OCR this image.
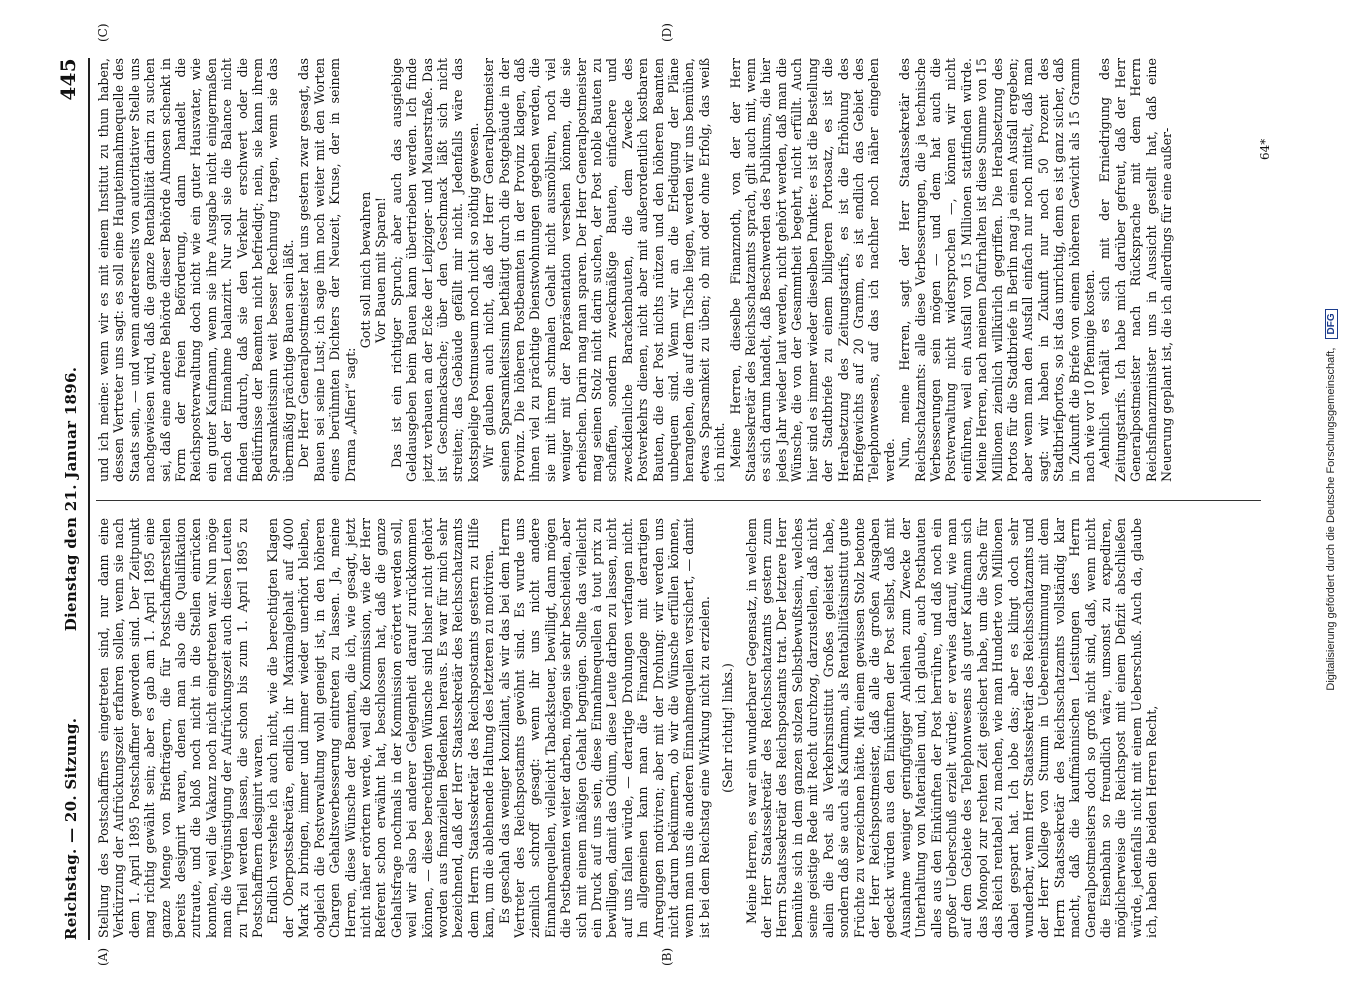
Reichstag. — 20. Sitzung.
Dienstag den 21. Januar 1896.
445
(A)	(B)
(C)	(D)

Stellung des Postschaffners eingetreten sind, nur dann eine Verkürzung der Aufrückungszeit erfahren sollen, wenn sie nach dem 1. April 1895 Postschaffner geworden sind. Der Zeitpunkt mag richtig gewählt sein; aber es gab am 1. April 1895 eine ganze Menge von Briefträgern, die für Postschaffnerstellen bereits designirt waren, denen man also die Qualifikation zutraute, und die bloß noch nicht in die Stellen einrücken konnten, weil die Vakanz noch nicht eingetreten war. Nun möge man die Vergünstigung der Aufrückungszeit auch diesen Leuten zu Theil werden lassen, die schon bis zum 1. April 1895 zu Postschaffnern designirt waren. Endlich verstehe ich auch nicht, wie die berechtigten Klagen der Oberpostsekretäre, endlich ihr Maximalgehalt auf 4000 Mark zu bringen, immer und immer wieder unerhört bleiben, obgleich die Postverwaltung wohl geneigt ist, in den höheren Chargen Gehaltsverbesserung eintreten zu lassen. Ja, meine Herren, diese Wünsche der Beamten, die ich, wie gesagt, jetzt nicht näher erörtern werde, weil die Kommission, wie der Herr Referent schon erwähnt hat, beschlossen hat, daß die ganze Gehaltsfrage nochmals in der Kommission erörtert werden soll, weil wir also bei anderer Gelegenheit darauf zurückkommen können, — diese berechtigten Wünsche sind bisher nicht gehört worden aus finanziellen Bedenken heraus. Es war für mich sehr bezeichnend, daß der Herr Staatssekretär des Reichsschatzamts dem Herrn Staatssekretär des Reichspostamts gestern zu Hilfe kam, um die ablehnende Haltung des letzteren zu motiviren. Es geschah das weniger konziliant, als wir das bei dem Herrn Vertreter des Reichspostamts gewöhnt sind. Es wurde uns ziemlich schroff gesagt: wenn ihr uns nicht andere Einnahmequellen, vielleicht Tabacksteuer, bewilligt, dann mögen die Postbeamten weiter darben, mögen sie sehr bescheiden, aber sich mit einem mäßigen Gehalt begnügen. Sollte das vielleicht ein Druck auf uns sein, diese Einnahmequellen à tout prix zu bewilligen, damit das Odium, diese Leute darben zu lassen, nicht auf uns fallen würde, — derartige Drohungen verfangen nicht. Im allgemeinen kann man die Finanzlage mit derartigen Anregungen motiviren; aber mit der Drohung: wir werden uns nicht darum bekümmern, ob wir die Wünsche erfüllen können, wenn man uns die anderen Einnahmequellen versichert, — damit ist bei dem Reichstag eine Wirkung nicht zu erzielen. (Sehr richtig! links.) Meine Herren, es war ein wunderbarer Gegensatz, in welchem der Herr Staatssekretär des Reichsschatzamts gestern zum Herrn Staatssekretär des Reichspostamts trat. Der letztere Herr bemühte sich in dem ganzen stolzen Selbstbewußtsein, welches seine geistige Rede mit Recht durchzog, darzustellen, daß nicht allein die Post als Verkehrsinstitut Großes geleistet habe, sondern daß sie auch als Kaufmann, als Rentabilitätsinstitut gute Früchte zu verzeichnen hätte. Mit einem gewissen Stolz betonte der Herr Reichspostmeister, daß alle die großen Ausgaben gedeckt würden aus den Einkünften der Post selbst, daß mit Ausnahme weniger geringfügiger Anleihen zum Zwecke der Unterhaltung von Materialien und, ich glaube, auch Postbauten alles aus den Einkünften der Post herrühre, und daß noch ein großer Ueberschuß erzielt würde; er verwies darauf, wie man auf dem Gebiete des Telephonwesens als guter Kaufmann sich das Monopol zur rechten Zeit gesichert habe, um die Sache für das Reich rentabel zu machen, wie man Hunderte von Millionen dabei gespart hat. Ich lobe das; aber es klingt doch sehr wunderbar, wenn Herr Staatssekretär des Reichsschatzamts und der Herr Kollege von Stumm in Uebereinstimmung mit dem Herrn Staatssekretär des Reichsschatzamts vollständig klar macht, daß die kaufmännischen Leistungen des Herrn Generalpostmeisters doch so groß nicht sind, daß, wenn nicht die Eisenbahn so freundlich wäre, umsonst zu expediren, möglicherweise die Reichspost mit einem Defizit abschließen würde, jedenfalls nicht mit einem Ueberschuß. Auch da, glaube ich, haben die beiden Herren Recht,

und ich meine: wenn wir es mit einem Institut zu thun haben, dessen Vertreter uns sagt: es soll eine Haupteinnahmequelle des Staats sein, — und wenn andererseits von autoritativer Stelle uns nachgewiesen wird, daß die ganze Rentabilität darin zu suchen sei, daß eine andere Behörde dieser Behörde Almosen schenkt in Form der freien Beförderung, dann handelt die Reichspostverwaltung doch nicht wie ein guter Hausvater, wie ein guter Kaufmann, wenn sie ihre Ausgabe nicht einigermaßen nach der Einnahme balanzirt. Nur soll sie die Balance nicht finden dadurch, daß sie den Verkehr erschwert oder die Bedürfnisse der Beamten nicht befriedigt; nein, sie kann ihrem Sparsamkeitssinn weit besser Rechnung tragen, wenn sie das übermäßig prächtige Bauen sein läßt. Der Herr Generalpostmeister hat uns gestern zwar gesagt, das Bauen sei seine Lust; ich sage ihm noch weiter mit den Worten eines berühmten Dichters der Neuzeit, Kruse, der in seinem Drama „Alfieri“ sagt:

Gott soll mich bewahren Vor Bauen mit Sparen! Das ist ein richtiger Spruch; aber auch das ausgiebige Geldausgeben beim Bauen kann übertrieben werden. Ich finde jetzt verbauen an der Ecke der Leipziger- und Mauerstraße. Das ist Geschmacksache; über den Geschmack läßt sich nicht streiten; das Gebäude gefällt mir nicht. Jedenfalls wäre das kostspielige Postmuseum noch nicht so nöthig gewesen. Wir glauben auch nicht, daß der Herr Generalpostmeister seinen Sparsamkeitssinn bethätigt durch die Postgebäude in der Provinz. Die höheren Postbeamten in der Provinz klagen, daß ihnen viel zu prächtige Dienstwohnungen gegeben werden, die sie mit ihrem schmalen Gehalt nicht ausmöbliren, noch viel weniger mit der Repräsentation versehen können, die sie erheischen. Darin mag man sparen. Der Herr Generalpostmeister mag seinen Stolz nicht darin suchen, der Post noble Bauten zu schaffen, sondern zweckmäßige Bauten, einfachere und zweckdienliche Barackenbauten, die dem Zwecke des Postverkehrs dienen, nicht aber mit außerordentlich kostbaren Bauten, die der Post nichts nützen und den höheren Beamten unbequem sind. Wenn wir an die Erledigung der Pläne herangehen, die auf dem Tische liegen, werden wir uns bemühen, etwas Sparsamkeit zu üben; ob mit oder ohne Erfolg, das weiß ich nicht. Meine Herren, dieselbe Finanznoth, von der der Herr Staatssekretär des Reichsschatzamts sprach, gilt auch mit, wenn es sich darum handelt, daß Beschwerden des Publikums, die hier jedes Jahr wieder laut werden, nicht gehört werden, daß man die Wünsche, die von der Gesammtheit begehrt, nicht erfüllt. Auch hier sind es immer wieder dieselben Punkte: es ist die Bestellung der Stadtbriefe zu einem billigeren Portosatz, es ist die Herabsetzung des Zeitungstarifs, es ist die Erhöhung des Briefgewichts auf 20 Gramm, es ist endlich das Gebiet des Telephonwesens, auf das ich nachher noch näher eingehen werde. Nun, meine Herren, sagt der Herr Staatssekretär des Reichsschatzamts: alle diese Verbesserungen, die ja technische Verbesserungen sein mögen — und dem hat auch die Postverwaltung nicht widersprochen —, können wir nicht einführen, weil ein Ausfall von 15 Millionen stattfinden würde. Meine Herren, nach meinem Dafürhalten ist diese Summe von 15 Millionen ziemlich willkürlich gegriffen. Die Herabsetzung des Portos für die Stadtbriefe in Berlin mag ja einen Ausfall ergeben; aber wenn man den Ausfall einfach nur noch mittelt, daß man sagt: wir haben in Zukunft nur noch 50 Prozent des Stadtbriefportos, so ist das unrichtig, denn es ist ganz sicher, daß in Zukunft die Briefe von einem höheren Gewicht als 15 Gramm nach wie vor 10 Pfennige kosten. Aehnlich verhält es sich mit der Erniedrigung des Zeitungstarifs. Ich habe mich darüber gefreut, daß der Herr Generalpostmeister nach Rücksprache mit dem Herrn Reichsfinanzminister uns in Aussicht gestellt hat, daß eine Neuerung geplant ist, die ich allerdings für eine außer-	64*
Digitalisierung gefördert durch die Deutsche Forschungsgemeinschaft, DFG
